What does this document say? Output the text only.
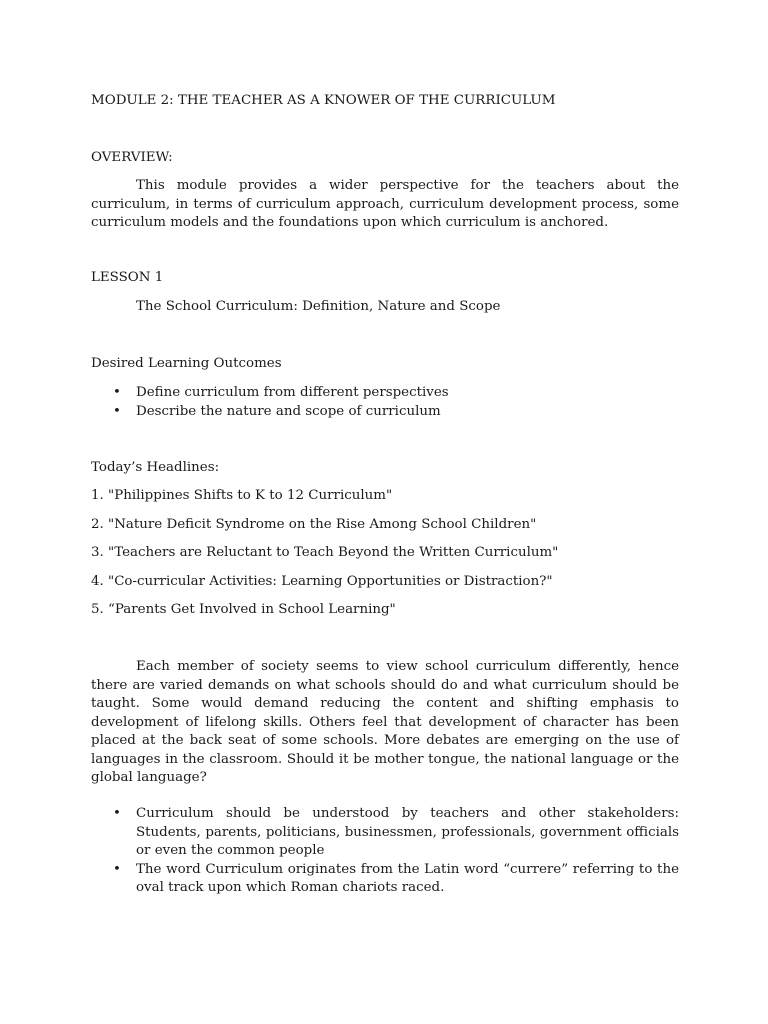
MODULE 2: THE TEACHER AS A KNOWER OF THE CURRICULUM

OVERVIEW:

This module provides a wider perspective for the teachers about the curriculum, in terms of curriculum approach, curriculum development process, some curriculum models and the foundations upon which curriculum is anchored.

LESSON 1

The School Curriculum: Definition, Nature and Scope

Desired Learning Outcomes

• Define curriculum from different perspectives
• Describe the nature and scope of curriculum

Today’s Headlines:

1. "Philippines Shifts to K to 12 Curriculum"

2. "Nature Deficit Syndrome on the Rise Among School Children"

3. "Teachers are Reluctant to Teach Beyond the Written Curriculum"

4. "Co-curricular Activities: Learning Opportunities or Distraction?"

5. “Parents Get Involved in School Learning"

Each member of society seems to view school curriculum differently, hence there are varied demands on what schools should do and what curriculum should be taught. Some would demand reducing the content and shifting emphasis to development of lifelong skills. Others feel that development of character has been placed at the back seat of some schools. More debates are emerging on the use of languages in the classroom. Should it be mother tongue, the national language or the global language?

• Curriculum should be understood by teachers and other stakeholders: Students, parents, politicians, businessmen, professionals, government officials or even the common people
• The word Curriculum originates from the Latin word “currere” referring to the oval track upon which Roman chariots raced.
